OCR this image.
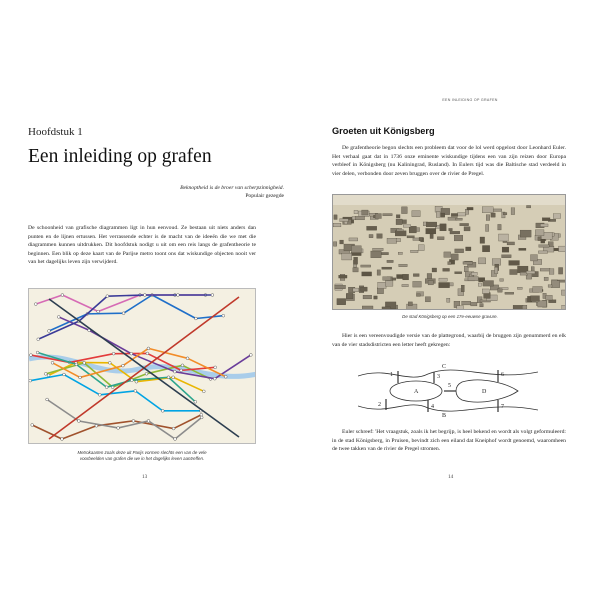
EEN INLEIDING OP GRAFEN
Hoofdstuk 1
Een inleiding op grafen
Beknoptheid is de broer van scherpzinnigheid.
Populair gezegde

De schoonheid van grafische diagrammen ligt in hun eenvoud. Ze bestaan uit niets anders dan punten en de lijnen ertussen. Het verrassende echter is de macht van de ideeën die we met die diagrammen kunnen uitdrukken. Dit hoofdstuk nodigt u uit om een reis langs de grafentheorie te beginnen. Een blik op deze kaart van de Parijse metro toont ons dat wiskundige objecten nooit ver van het dagelijks leven zijn verwijderd.

Metrokaarten zoals deze uit Parijs vormen slechts een van de vele voorbeelden van grafen die we in het dagelijks leven aantreffen.

13
Groeten uit Königsberg

De grafentheorie begon slechts een probleem dat voor de lol werd opgelost door Leonhard Euler. Het verhaal gaat dat in 1736 onze eminente wiskundige tijdens een van zijn reizen door Europa verbleef in Königsberg (nu Kaliningrad, Rusland). In Eulers tijd was die Baltische stad verdeeld in vier delen, verbonden door zeven bruggen over de rivier de Pregel.

De stad Königsberg op een 17e-eeuwse gravure.

Hier is een vereenvoudigde versie van de plattegrond, waarbij de bruggen zijn genummerd en elk van de vier stadsdistricten een letter heeft gekregen:

A
B
C
D
1
2
3
4
5
6
7

Euler schreef: 'Het vraagstuk, zoals ik het begrijp, is heel bekend en wordt als volgt geformuleerd: in de stad Königsberg, in Pruisen, bevindt zich een eiland dat Kneiphof wordt genoemd, waaromheen de twee takken van de rivier de Pregel stromen.

14
